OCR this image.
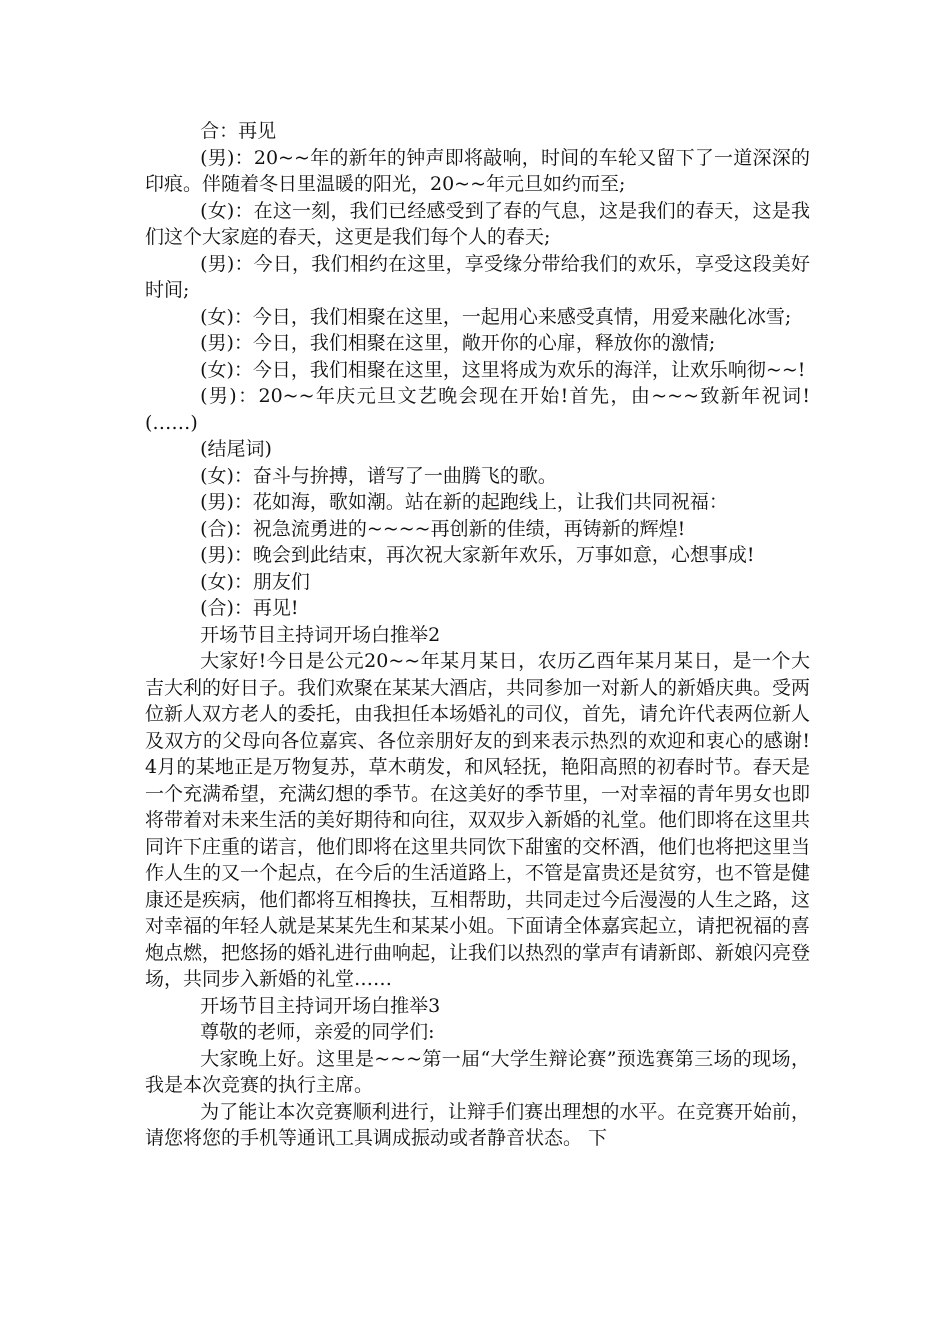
合：再见

(男)：20~~年的新年的钟声即将敲响，时间的车轮又留下了一道深深的印痕。伴随着冬日里温暖的阳光，20~~年元旦如约而至;

(女)：在这一刻，我们已经感受到了春的气息，这是我们的春天，这是我们这个大家庭的春天，这更是我们每个人的春天;

(男)：今日，我们相约在这里，享受缘分带给我们的欢乐，享受这段美好时间;

(女)：今日，我们相聚在这里，一起用心来感受真情，用爱来融化冰雪;

(男)：今日，我们相聚在这里，敞开你的心扉，释放你的激情;

(女)：今日，我们相聚在这里，这里将成为欢乐的海洋，让欢乐响彻~~!

(男)：20~~年庆元旦文艺晚会现在开始!首先，由~~~致新年祝词!(……)

(结尾词)

(女)：奋斗与拚搏，谱写了一曲腾飞的歌。

(男)：花如海，歌如潮。站在新的起跑线上，让我们共同祝福：

(合)：祝急流勇进的~~~~再创新的佳绩，再铸新的辉煌!

(男)：晚会到此结束，再次祝大家新年欢乐，万事如意，心想事成!

(女)：朋友们

(合)：再见!

开场节目主持词开场白推举2

大家好!今日是公元20~~年某月某日，农历乙酉年某月某日，是一个大吉大利的好日子。我们欢聚在某某大酒店，共同参加一对新人的新婚庆典。受两位新人双方老人的委托，由我担任本场婚礼的司仪，首先，请允许代表两位新人及双方的父母向各位嘉宾、各位亲朋好友的到来表示热烈的欢迎和衷心的感谢!4月的某地正是万物复苏，草木萌发，和风轻抚，艳阳高照的初春时节。春天是一个充满希望，充满幻想的季节。在这美好的季节里，一对幸福的青年男女也即将带着对未来生活的美好期待和向往，双双步入新婚的礼堂。他们即将在这里共同许下庄重的诺言，他们即将在这里共同饮下甜蜜的交杯酒，他们也将把这里当作人生的又一个起点，在今后的生活道路上，不管是富贵还是贫穷，也不管是健康还是疾病，他们都将互相搀扶，互相帮助，共同走过今后漫漫的人生之路，这对幸福的年轻人就是某某先生和某某小姐。下面请全体嘉宾起立，请把祝福的喜炮点燃，把悠扬的婚礼进行曲响起，让我们以热烈的掌声有请新郎、新娘闪亮登场，共同步入新婚的礼堂……

开场节目主持词开场白推举3

尊敬的老师，亲爱的同学们:

大家晚上好。这里是~~~第一届“大学生辩论赛”预选赛第三场的现场，我是本次竞赛的执行主席。

为了能让本次竞赛顺利进行，让辩手们赛出理想的水平。在竞赛开始前，请您将您的手机等通讯工具调成振动或者静音状态。 下
